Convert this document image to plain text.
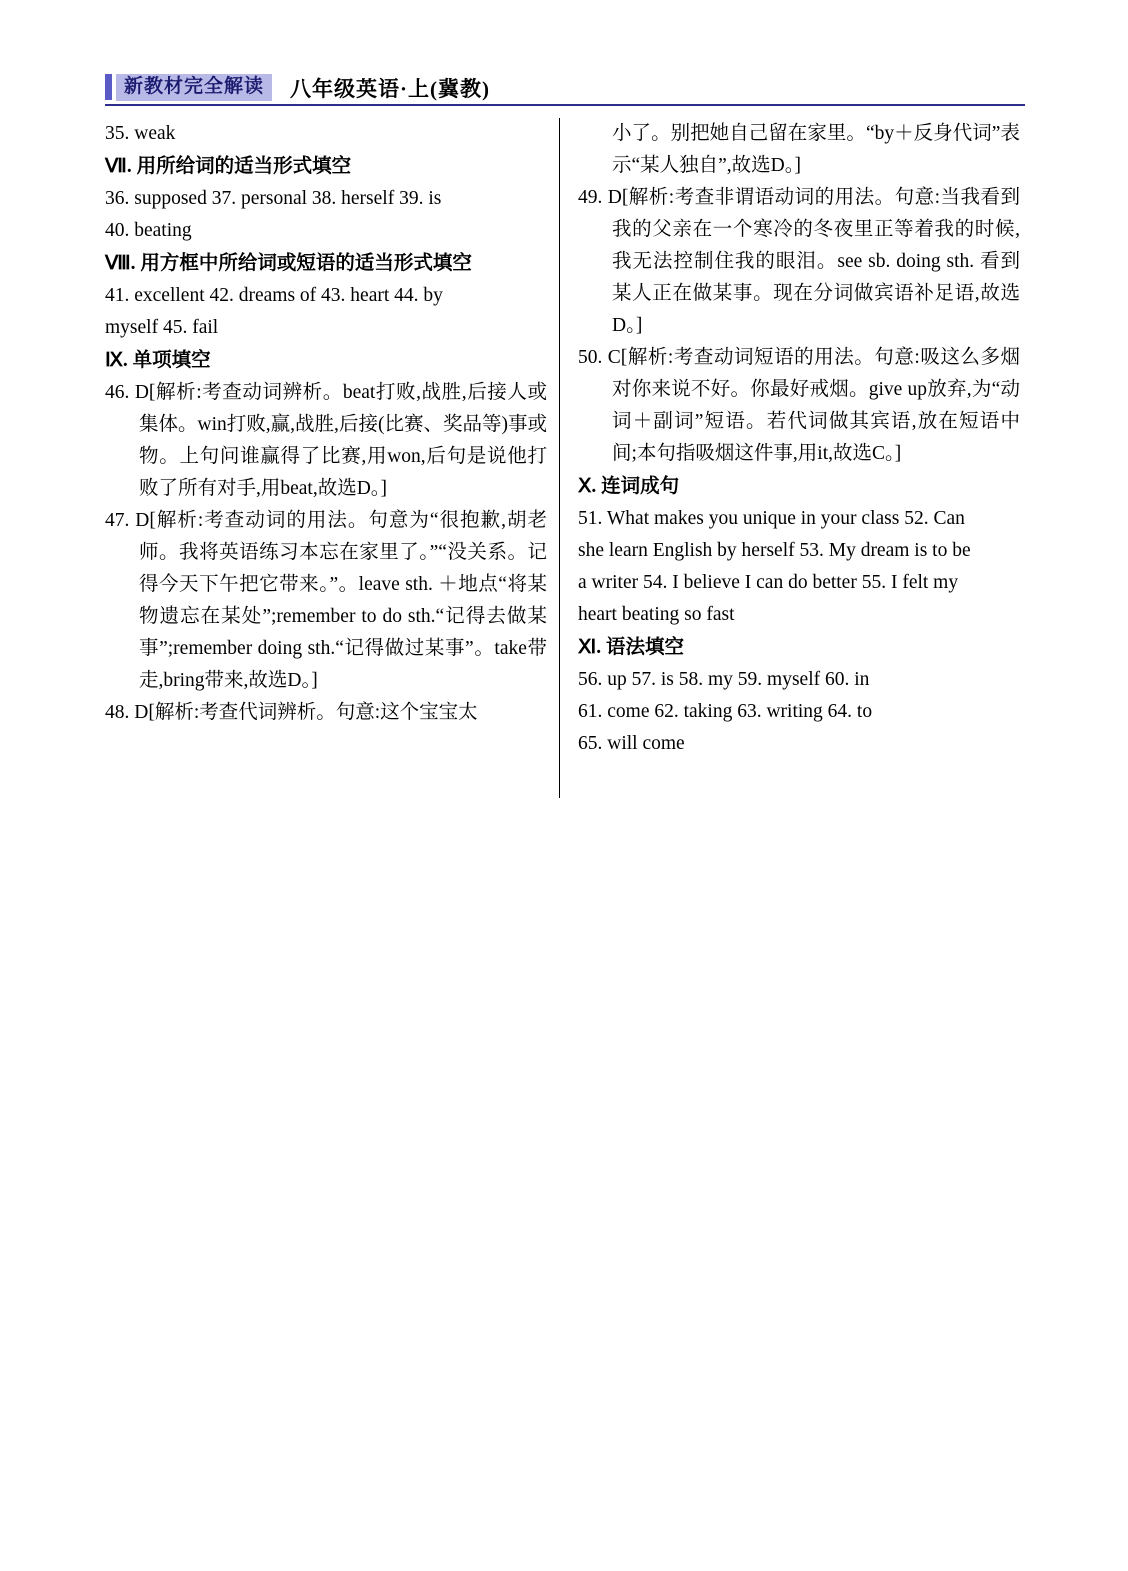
新教材完全解读	八年级英语·上(冀教)
35. weak
Ⅶ. 用所给词的适当形式填空
36. supposed 37. personal 38. herself 39. is
40. beating
Ⅷ. 用方框中所给词或短语的适当形式填空
41. excellent 42. dreams of 43. heart 44. by
myself 45. fail
Ⅸ. 单项填空
46. D[解析:考查动词辨析。beat打败,战胜,后接人或集体。win打败,赢,战胜,后接(比赛、奖品等)事或物。上句问谁赢得了比赛,用won,后句是说他打败了所有对手,用beat,故选D。]
47. D[解析:考查动词的用法。句意为“很抱歉,胡老师。我将英语练习本忘在家里了。”“没关系。记得今天下午把它带来。”。leave sth. ＋地点“将某物遗忘在某处”;remember to do sth.“记得去做某事”;remember doing sth.“记得做过某事”。take带走,bring带来,故选D。]
48. D[解析:考查代词辨析。句意:这个宝宝太
小了。别把她自己留在家里。“by＋反身代词”表示“某人独自”,故选D。]
49. D[解析:考查非谓语动词的用法。句意:当我看到我的父亲在一个寒冷的冬夜里正等着我的时候,我无法控制住我的眼泪。see sb. doing sth. 看到某人正在做某事。现在分词做宾语补足语,故选D。]
50. C[解析:考查动词短语的用法。句意:吸这么多烟对你来说不好。你最好戒烟。give up放弃,为“动词＋副词”短语。若代词做其宾语,放在短语中间;本句指吸烟这件事,用it,故选C。]
Ⅹ. 连词成句
51. What makes you unique in your class 52. Can
she learn English by herself 53. My dream is to be
a writer 54. I believe I can do better 55. I felt my
heart beating so fast
Ⅺ. 语法填空
56. up 57. is 58. my 59. myself 60. in
61. come 62. taking 63. writing 64. to
65. will come
